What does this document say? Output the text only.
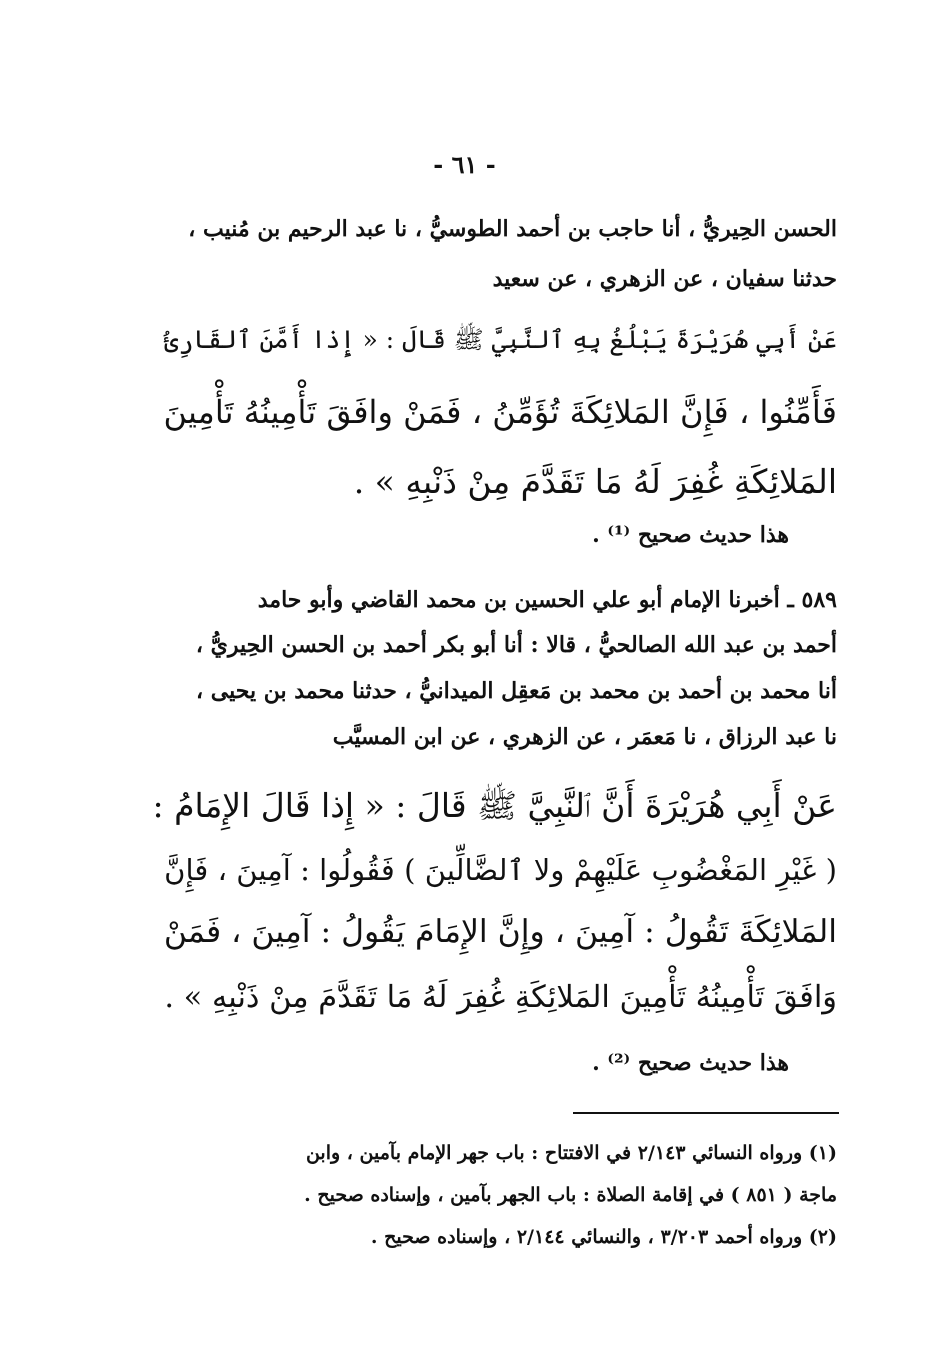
- ٦١ -
الحسن الحِيريُّ ، أنا حاجب بن أحمد الطوسيُّ ، نا عبد الرحيم بن مُنيب ،
حدثنا سفيان ، عن الزهري ، عن سعيد
عَنْ أَبِي هُرَيْرَةَ يَبْلُغُ بِهِ ٱلنَّبِيَّ ﷺ قَالَ : « إِذا أَمَّنَ ٱلقَارِئُ
فَأَمِّنُوا ، فَإِنَّ المَلائِكَةَ تُؤَمِّنُ ، فَمَنْ وافَقَ تَأْمِينُهُ تَأْمِينَ
المَلائِكَةِ غُفِرَ لَهُ مَا تَقَدَّمَ مِنْ ذَنْبِهِ » .
هذا حديث صحيح ⁽¹⁾ .
٥٨٩ ـ أخبرنا الإمام أبو علي الحسين بن محمد القاضي وأبو حامد
أحمد بن عبد الله الصالحيُّ ، قالا : أنا أبو بكر أحمد بن الحسن الحِيريُّ ،
أنا محمد بن أحمد بن محمد بن مَعقِل الميدانيُّ ، حدثنا محمد بن يحيى ،
نا عبد الرزاق ، نا مَعمَر ، عن الزهري ، عن ابن المسيَّب
عَنْ أَبِي هُرَيْرَةَ أَنَّ ٱلنَّبِيَّ ﷺ قَالَ : « إِذا قَالَ الإِمَامُ :
( غَيْرِ المَغْضُوبِ عَلَيْهِمْ ولا ٱلضَّالِّينَ ) فَقُولُوا : آمِينَ ، فَإِنَّ
المَلائِكَةَ تَقُولُ : آمِينَ ، وإِنَّ الإِمَامَ يَقُولُ : آمِينَ ، فَمَنْ
وَافَقَ تَأْمِينُهُ تَأْمِينَ المَلائِكَةِ غُفِرَ لَهُ مَا تَقَدَّمَ مِنْ ذَنْبِهِ » .
هذا حديث صحيح ⁽²⁾ .
(١) ورواه النسائي ٢/١٤٣ في الافتتاح : باب جهر الإمام بآمين ، وابن
ماجة ( ٨٥١ ) في إقامة الصلاة : باب الجهر بآمين ، وإسناده صحيح .
(٢) ورواه أحمد ٣/٢٠٣ ، والنسائي ٢/١٤٤ ، وإسناده صحيح .
